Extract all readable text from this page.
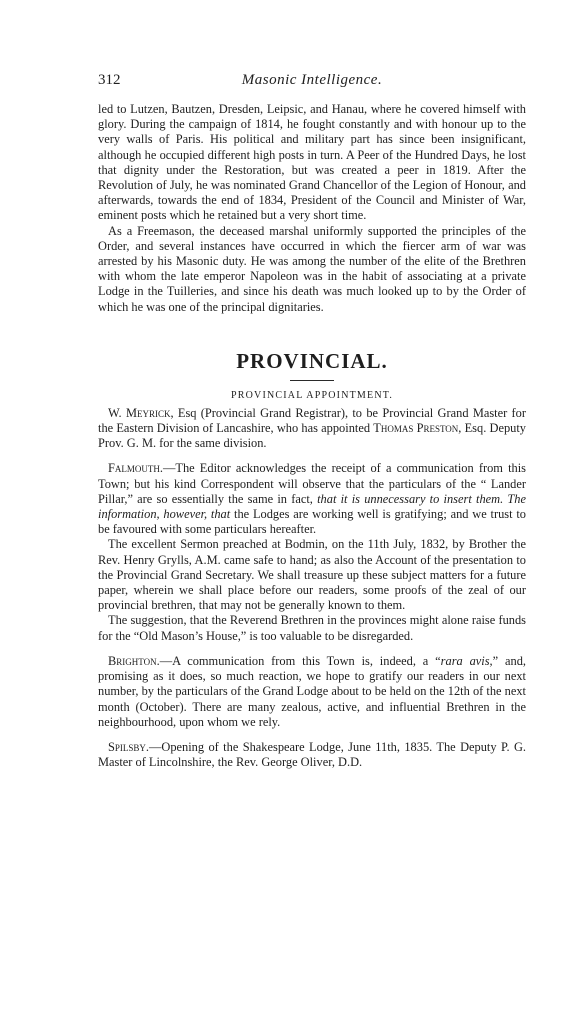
312	Masonic Intelligence.

led to Lutzen, Bautzen, Dresden, Leipsic, and Hanau, where he covered himself with glory. During the campaign of 1814, he fought constantly and with honour up to the very walls of Paris. His political and military part has since been insignificant, although he occupied different high posts in turn. A Peer of the Hundred Days, he lost that dignity under the Restoration, but was created a peer in 1819. After the Revolution of July, he was nominated Grand Chancellor of the Legion of Honour, and afterwards, towards the end of 1834, President of the Council and Minister of War, eminent posts which he retained but a very short time.

As a Freemason, the deceased marshal uniformly supported the principles of the Order, and several instances have occurred in which the fiercer arm of war was arrested by his Masonic duty. He was among the number of the elite of the Brethren with whom the late emperor Napoleon was in the habit of associating at a private Lodge in the Tuilleries, and since his death was much looked up to by the Order of which he was one of the principal dignitaries.

PROVINCIAL.
PROVINCIAL APPOINTMENT.

W. Meyrick, Esq (Provincial Grand Registrar), to be Provincial Grand Master for the Eastern Division of Lancashire, who has appointed Thomas Preston, Esq. Deputy Prov. G. M. for the same division.

Falmouth.—The Editor acknowledges the receipt of a communication from this Town; but his kind Correspondent will observe that the particulars of the “ Lander Pillar,” are so essentially the same in fact, that it is unnecessary to insert them. The information, however, that the Lodges are working well is gratifying; and we trust to be favoured with some particulars hereafter.

The excellent Sermon preached at Bodmin, on the 11th July, 1832, by Brother the Rev. Henry Grylls, A.M. came safe to hand; as also the Account of the presentation to the Provincial Grand Secretary. We shall treasure up these subject matters for a future paper, wherein we shall place before our readers, some proofs of the zeal of our provincial brethren, that may not be generally known to them.

The suggestion, that the Reverend Brethren in the provinces might alone raise funds for the “Old Mason’s House,” is too valuable to be disregarded.

Brighton.—A communication from this Town is, indeed, a “rara avis,” and, promising as it does, so much reaction, we hope to gratify our readers in our next number, by the particulars of the Grand Lodge about to be held on the 12th of the next month (October). There are many zealous, active, and influential Brethren in the neighbourhood, upon whom we rely.

Spilsby.—Opening of the Shakespeare Lodge, June 11th, 1835. The Deputy P. G. Master of Lincolnshire, the Rev. George Oliver, D.D.
